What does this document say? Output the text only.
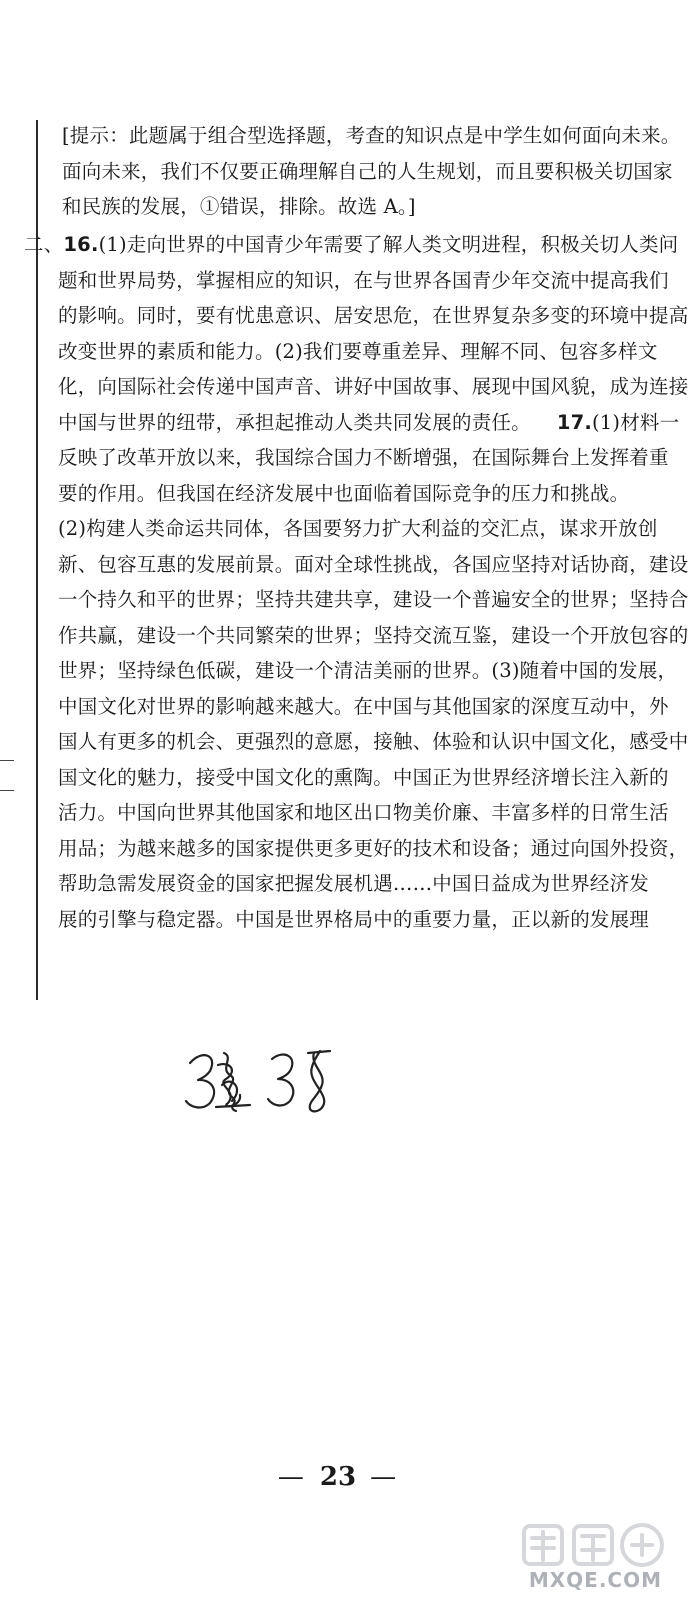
[提示：此题属于组合型选择题，考查的知识点是中学生如何面向未来。
面向未来，我们不仅要正确理解自己的人生规划，而且要积极关切国家
和民族的发展，①错误，排除。故选 A。]
二、16.(1)走向世界的中国青少年需要了解人类文明进程，积极关切人类问
题和世界局势，掌握相应的知识，在与世界各国青少年交流中提高我们
的影响。同时，要有忧患意识、居安思危，在世界复杂多变的环境中提高
改变世界的素质和能力。(2)我们要尊重差异、理解不同、包容多样文
化，向国际社会传递中国声音、讲好中国故事、展现中国风貌，成为连接
中国与世界的纽带，承担起推动人类共同发展的责任。 17.(1)材料一
反映了改革开放以来，我国综合国力不断增强，在国际舞台上发挥着重
要的作用。但我国在经济发展中也面临着国际竞争的压力和挑战。
(2)构建人类命运共同体，各国要努力扩大利益的交汇点，谋求开放创
新、包容互惠的发展前景。面对全球性挑战，各国应坚持对话协商，建设
一个持久和平的世界；坚持共建共享，建设一个普遍安全的世界；坚持合
作共赢，建设一个共同繁荣的世界；坚持交流互鉴，建设一个开放包容的
世界；坚持绿色低碳，建设一个清洁美丽的世界。(3)随着中国的发展，
中国文化对世界的影响越来越大。在中国与其他国家的深度互动中，外
国人有更多的机会、更强烈的意愿，接触、体验和认识中国文化，感受中
国文化的魅力，接受中国文化的熏陶。中国正为世界经济增长注入新的
活力。中国向世界其他国家和地区出口物美价廉、丰富多样的日常生活
用品；为越来越多的国家提供更多更好的技术和设备；通过向国外投资，
帮助急需发展资金的国家把握发展机遇……中国日益成为世界经济发
展的引擎与稳定器。中国是世界格局中的重要力量，正以新的发展理
— 23 —
MXQE.COM
